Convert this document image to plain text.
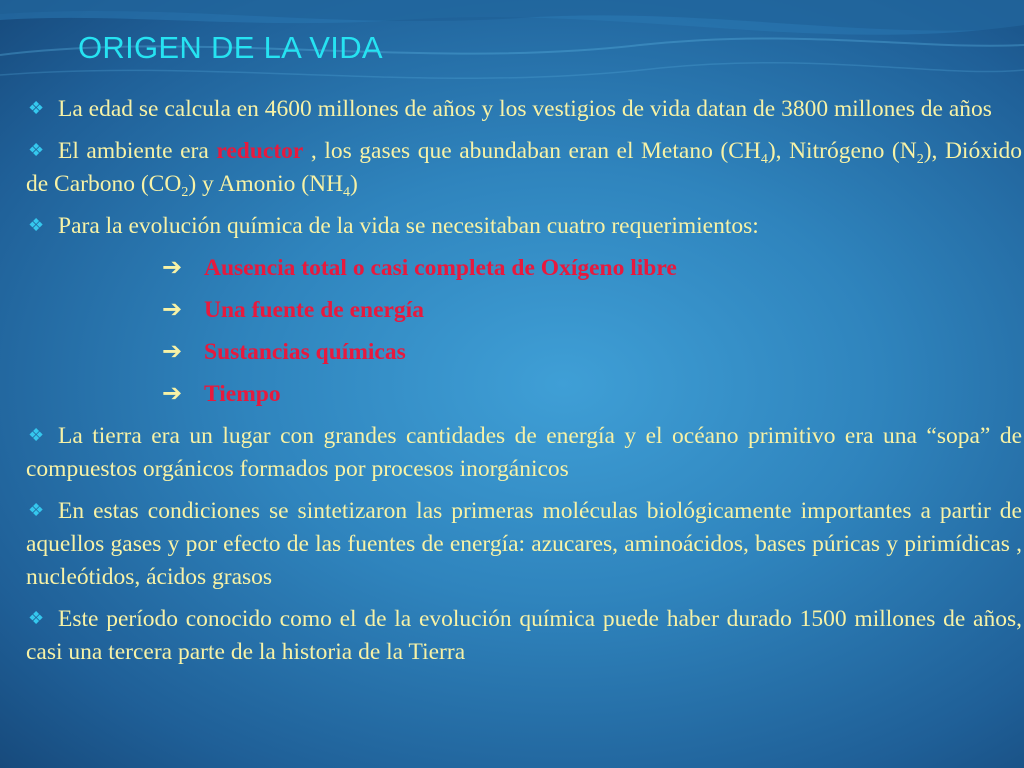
ORIGEN DE LA VIDA

❖ La edad se calcula en 4600 millones de años y los vestigios de vida datan de 3800 millones de años

❖ El ambiente era reductor , los gases que abundaban eran el Metano $(CH_4)$, Nitrógeno $(N_2)$, Dióxido de Carbono $(CO_2)$ y Amonio $(NH_4)$

❖ Para la evolución química de la vida se necesitaban cuatro requerimientos:

➔ Ausencia total o casi completa de Oxígeno libre

➔ Una fuente de energía

➔ Sustancias químicas

➔ Tiempo

❖ La tierra era un lugar con grandes cantidades de energía y el océano primitivo era una “sopa” de compuestos orgánicos formados por procesos inorgánicos

❖ En estas condiciones se sintetizaron las primeras moléculas biológicamente importantes a partir de aquellos gases y por efecto de las fuentes de energía: azucares, aminoácidos, bases púricas y pirimídicas , nucleótidos, ácidos grasos

❖ Este período conocido como el de la evolución química puede haber durado 1500 millones de años, casi una tercera parte de la historia de la Tierra
